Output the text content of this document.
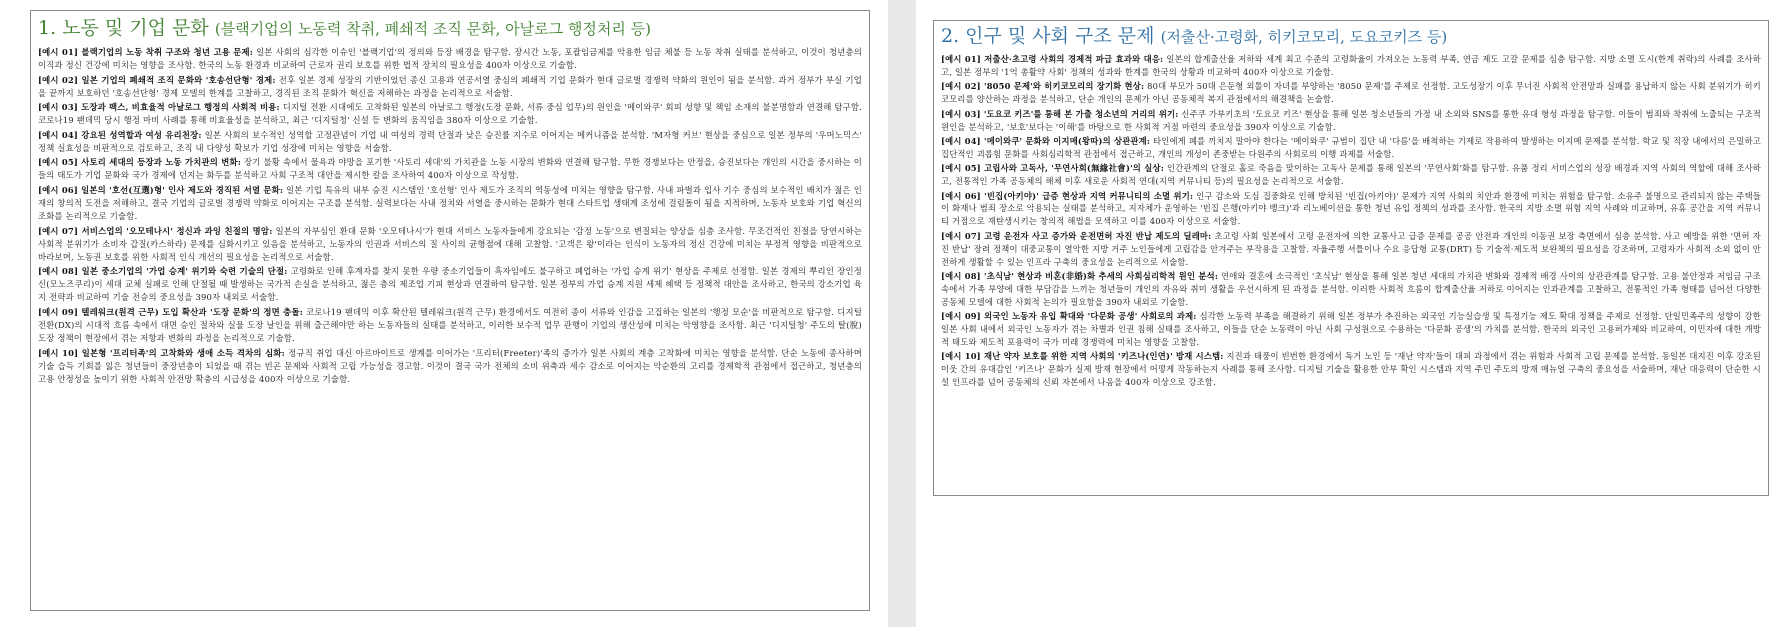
1. 노동 및 기업 문화 (블랙기업의 노동력 착취, 폐쇄적 조직 문화, 아날로그 행정처리 등)

[예시 01] 블랙기업의 노동 착취 구조와 청년 고용 문제: 일본 사회의 심각한 이슈인 '블랙기업'의 정의와 등장 배경을 탐구함. 장시간 노동, 포괄임금제를 악용한 임금 체불 등 노동 착취 실태를 분석하고, 이것이 청년층의 이직과 정신 건강에 미치는 영향을 조사함. 한국의 노동 환경과 비교하여 근로자 권리 보호를 위한 법적 장치의 필요성을 400자 이상으로 기술함.

[예시 02] 일본 기업의 폐쇄적 조직 문화와 '호송선단형' 경제: 전후 일본 경제 성장의 기반이었던 종신 고용과 연공서열 중심의 폐쇄적 기업 문화가 현대 글로벌 경쟁력 약화의 원인이 됨을 분석함. 과거 정부가 부실 기업을 끝까지 보호하던 '호송선단형' 경제 모델의 한계를 고찰하고, 경직된 조직 문화가 혁신을 저해하는 과정을 논리적으로 서술함.

[예시 03] 도장과 팩스, 비효율적 아날로그 행정의 사회적 비용: 디지털 전환 시대에도 고착화된 일본의 아날로그 행정(도장 문화, 서류 중심 업무)의 원인을 '메이와쿠' 회피 성향 및 책임 소재의 불분명함과 연결해 탐구함. 코로나19 팬데믹 당시 행정 마비 사례를 통해 비효율성을 분석하고, 최근 '디지털청' 신설 등 변화의 움직임을 380자 이상으로 기술함.

[예시 04] 강요된 성역할과 여성 유리천장: 일본 사회의 보수적인 성역할 고정관념이 기업 내 여성의 경력 단절과 낮은 승진률 지수로 이어지는 메커니즘을 분석함. 'M자형 커브' 현상을 중심으로 일본 정부의 '우머노믹스' 정책 실효성을 비판적으로 검토하고, 조직 내 다양성 확보가 기업 성장에 미치는 영향을 서술함.

[예시 05] 사토리 세대의 등장과 노동 가치관의 변화: 장기 불황 속에서 물욕과 야망을 포기한 '사토리 세대'의 가치관을 노동 시장의 변화와 연결해 탐구함. 무한 경쟁보다는 안정을, 승진보다는 개인의 시간을 중시하는 이들의 태도가 기업 문화와 국가 경제에 던지는 화두를 분석하고 사회 구조적 대안을 제시한 칼을 조사하여 400자 이상으로 작성함.

[예시 06] 일본의 '호선(互選)형' 인사 제도와 경직된 서열 문화: 일본 기업 특유의 내부 승진 시스템인 '호선형' 인사 제도가 조직의 역동성에 미치는 영향을 탐구함. 사내 파벌과 입사 기수 중심의 보수적인 배치가 젊은 인재의 창의적 도전을 저해하고, 결국 기업의 글로벌 경쟁력 약화로 이어지는 구조를 분석함. 실력보다는 사내 정치와 서열을 중시하는 문화가 현대 스타트업 생태계 조성에 걸림돌이 됨을 지적하며, 노동자 보호와 기업 혁신의 조화를 논리적으로 기술함.

[예시 07] 서비스업의 '오모테나시' 정신과 과잉 친절의 명암: 일본의 자부심인 환대 문화 '오모테나시'가 현대 서비스 노동자들에게 강요되는 '감정 노동'으로 변질되는 양상을 심층 조사함. 무조건적인 친절을 당연시하는 사회적 분위기가 소비자 갑질(카스하라) 문제를 심화시키고 있음을 분석하고, 노동자의 인권과 서비스의 질 사이의 균형점에 대해 고찰함. '고객은 왕'이라는 인식이 노동자의 정신 건강에 미치는 부정적 영향을 비판적으로 바라보며, 노동권 보호를 위한 사회적 인식 개선의 필요성을 논리적으로 서술함.

[예시 08] 일본 중소기업의 '가업 승계' 위기와 숙련 기술의 단절: 고령화로 인해 후계자를 찾지 못한 우량 중소기업들이 흑자임에도 불구하고 폐업하는 '가업 승계 위기' 현상을 주제로 선정함. 일본 경제의 뿌리인 장인정신(모노즈쿠리)이 세대 교체 실패로 인해 단절될 때 발생하는 국가적 손실을 분석하고, 젊은 층의 제조업 기피 현상과 연결하여 탐구함. 일본 정부의 가업 승계 지원 세제 혜택 등 정책적 대안을 조사하고, 한국의 강소기업 육지 전략과 비교하여 기술 전승의 중요성을 390자 내외로 서술함.

[예시 09] 텔레워크(원격 근무) 도입 확산과 '도장 문화'의 정면 충돌: 코로나19 팬데믹 이후 확산된 텔레워크(원격 근무) 환경에서도 여전히 종이 서류와 인감을 고집하는 일본의 '행정 모순'을 비판적으로 탐구함. 디지털 전환(DX)의 시대적 흐름 속에서 대면 승인 절차와 실물 도장 날인을 위해 출근해야만 하는 노동자들의 실태를 분석하고, 이러한 보수적 업무 관행이 기업의 생산성에 미치는 악영향을 조사함. 최근 '디지털청' 주도의 탈(脫)도장 정책이 현장에서 겪는 저항과 변화의 과정을 논리적으로 기술함.

[예시 10] 일본형 '프리터족'의 고착화와 생애 소득 격차의 심화: 정규직 취업 대신 아르바이트로 생계를 이어가는 '프리터(Freeter)'족의 증가가 일본 사회의 계층 고착화에 미치는 영향을 분석함. 단순 노동에 종사하며 기술 습득 기회를 잃은 청년들이 중장년층이 되었을 때 겪는 빈곤 문제와 사회적 고립 가능성을 경고함. 이것이 결국 국가 전체의 소비 위축과 세수 감소로 이어지는 악순환의 고리를 경제학적 관점에서 접근하고, 청년층의 고용 안정성을 높이기 위한 사회적 안전망 확충의 시급성을 400자 이상으로 기술함.

2. 인구 및 사회 구조 문제 (저출산·고령화, 히키코모리, 도요코키즈 등)

[예시 01] 저출산·초고령 사회의 경제적 파급 효과와 대응: 일본의 합계출산율 저하와 세계 최고 수준의 고령화율이 가져오는 노동력 부족, 연금 제도 고갈 문제를 심층 탐구함. 지방 소멸 도시(한계 취락)의 사례를 조사하고, 일본 정부의 '1억 총활약 사회' 정책의 성과와 한계를 한국의 상황과 비교하여 400자 이상으로 기술함.

[예시 02] '8050 문제'와 히키코모리의 장기화 현상: 80대 부모가 50대 은둔형 외톨이 자녀를 부양하는 '8050 문제'를 주제로 선정함. 고도성장기 이후 무너진 사회적 안전망과 실패를 용납하지 않는 사회 분위기가 히키코모리를 양산하는 과정을 분석하고, 단순 개인의 문제가 아닌 공동체적 복지 관점에서의 해결책을 논술함.

[예시 03] '도요코 키즈'를 통해 본 가출 청소년의 거리의 위기: 신주쿠 가부키초의 '도요코 키즈' 현상을 통해 일본 청소년들의 가정 내 소외와 SNS를 통한 유대 형성 과정을 탐구함. 이들이 범죄와 착취에 노출되는 구조적 원인을 분석하고, '보호'보다는 '이해'를 바탕으로 한 사회적 거점 마련의 중요성을 390자 이상으로 기술함.

[예시 04] '메이와쿠' 문화와 이지메(왕따)의 상관관계: 타인에게 폐를 끼치지 말아야 한다는 '메이와쿠' 규범이 집단 내 '다름'을 배척하는 기제로 작용하여 발생하는 이지메 문제를 분석함. 학교 및 직장 내에서의 은밀하고 집단적인 괴롭힘 문화를 사회심리학적 관점에서 접근하고, 개인의 개성이 존중받는 다원주의 사회로의 이행 과제를 서술함.

[예시 05] 고립사와 고독사, '무연사회(無緣社會)'의 실상: 인간관계의 단절로 홀로 죽음을 맞이하는 고독사 문제를 통해 일본의 '무연사회'화를 탐구함. 유품 정리 서비스업의 성장 배경과 지역 사회의 역할에 대해 조사하고, 전통적인 가족 공동체의 해체 이후 새로운 사회적 연대(지역 커뮤니티 등)의 필요성을 논리적으로 서술함.

[예시 06] '빈집(아키야)' 급증 현상과 지역 커뮤니티의 소멸 위기: 인구 감소와 도심 집중화로 인해 방치된 '빈집(아키야)' 문제가 지역 사회의 치안과 환경에 미치는 위험을 탐구함. 소유주 불명으로 관리되지 않는 주택들이 화재나 범죄 장소로 악용되는 실태를 분석하고, 지자체가 운영하는 '빈집 은행(아키야 뱅크)'과 리노베이션을 통한 청년 유입 정책의 성과를 조사함. 한국의 지방 소멸 위험 지역 사례와 비교하며, 유휴 공간을 지역 커뮤니티 거점으로 재탄생시키는 창의적 해법을 모색하고 이를 400자 이상으로 서술함.

[예시 07] 고령 운전자 사고 증가와 운전면허 자진 반납 제도의 딜레마: 초고령 사회 일본에서 고령 운전자에 의한 교통사고 급증 문제를 공공 안전과 개인의 이동권 보장 측면에서 심층 분석함. 사고 예방을 위한 '면허 자진 반납' 장려 정책이 대중교통이 열악한 지방 거주 노인들에게 고립감을 안겨주는 부작용을 고찰함. 자율주행 셔틀이나 수요 응답형 교통(DRT) 등 기술적·제도적 보완책의 필요성을 강조하며, 고령자가 사회적 소외 없이 안전하게 생활할 수 있는 인프라 구축의 중요성을 논리적으로 서술함.

[예시 08] '초식남' 현상과 비혼(非婚)화 추세의 사회심리학적 원인 분석: 연애와 결혼에 소극적인 '초식남' 현상을 통해 일본 청년 세대의 가치관 변화와 경제적 배경 사이의 상관관계를 탐구함. 고용 불안정과 저임금 구조 속에서 가족 부양에 대한 부담감을 느끼는 청년들이 개인의 자유와 취미 생활을 우선시하게 된 과정을 분석함. 이러한 사회적 흐름이 합계출산율 저하로 이어지는 인과관계를 고찰하고, 전통적인 가족 형태를 넘어선 다양한 공동체 모델에 대한 사회적 논의가 필요함을 390자 내외로 기술함.

[예시 09] 외국인 노동자 유입 확대와 '다문화 공생' 사회로의 과제: 심각한 노동력 부족을 해결하기 위해 일본 정부가 추진하는 외국인 기능실습생 및 특정기능 제도 확대 정책을 주제로 선정함. 단일민족주의 성향이 강한 일본 사회 내에서 외국인 노동자가 겪는 차별과 인권 침해 실태를 조사하고, 이들을 단순 노동력이 아닌 사회 구성원으로 수용하는 '다문화 공생'의 가치를 분석함. 한국의 외국인 고용허가제와 비교하여, 이민자에 대한 개방적 태도와 제도적 포용력이 국가 미래 경쟁력에 미치는 영향을 고찰함.

[예시 10] 재난 약자 보호를 위한 지역 사회의 '키즈나(인연)' 방재 시스템: 지진과 태풍이 빈번한 환경에서 독거 노인 등 '재난 약자'들이 대피 과정에서 겪는 위험과 사회적 고립 문제를 분석함. 동일본 대지진 이후 강조된 이웃 간의 유대감인 '키즈나' 문화가 실제 방재 현장에서 어떻게 작동하는지 사례를 통해 조사함. 디지털 기술을 활용한 안부 확인 시스템과 지역 주민 주도의 방재 매뉴얼 구축의 중요성을 서술하며, 재난 대응력이 단순한 시설 인프라를 넘어 공동체의 신뢰 자본에서 나옴을 400자 이상으로 강조함.
